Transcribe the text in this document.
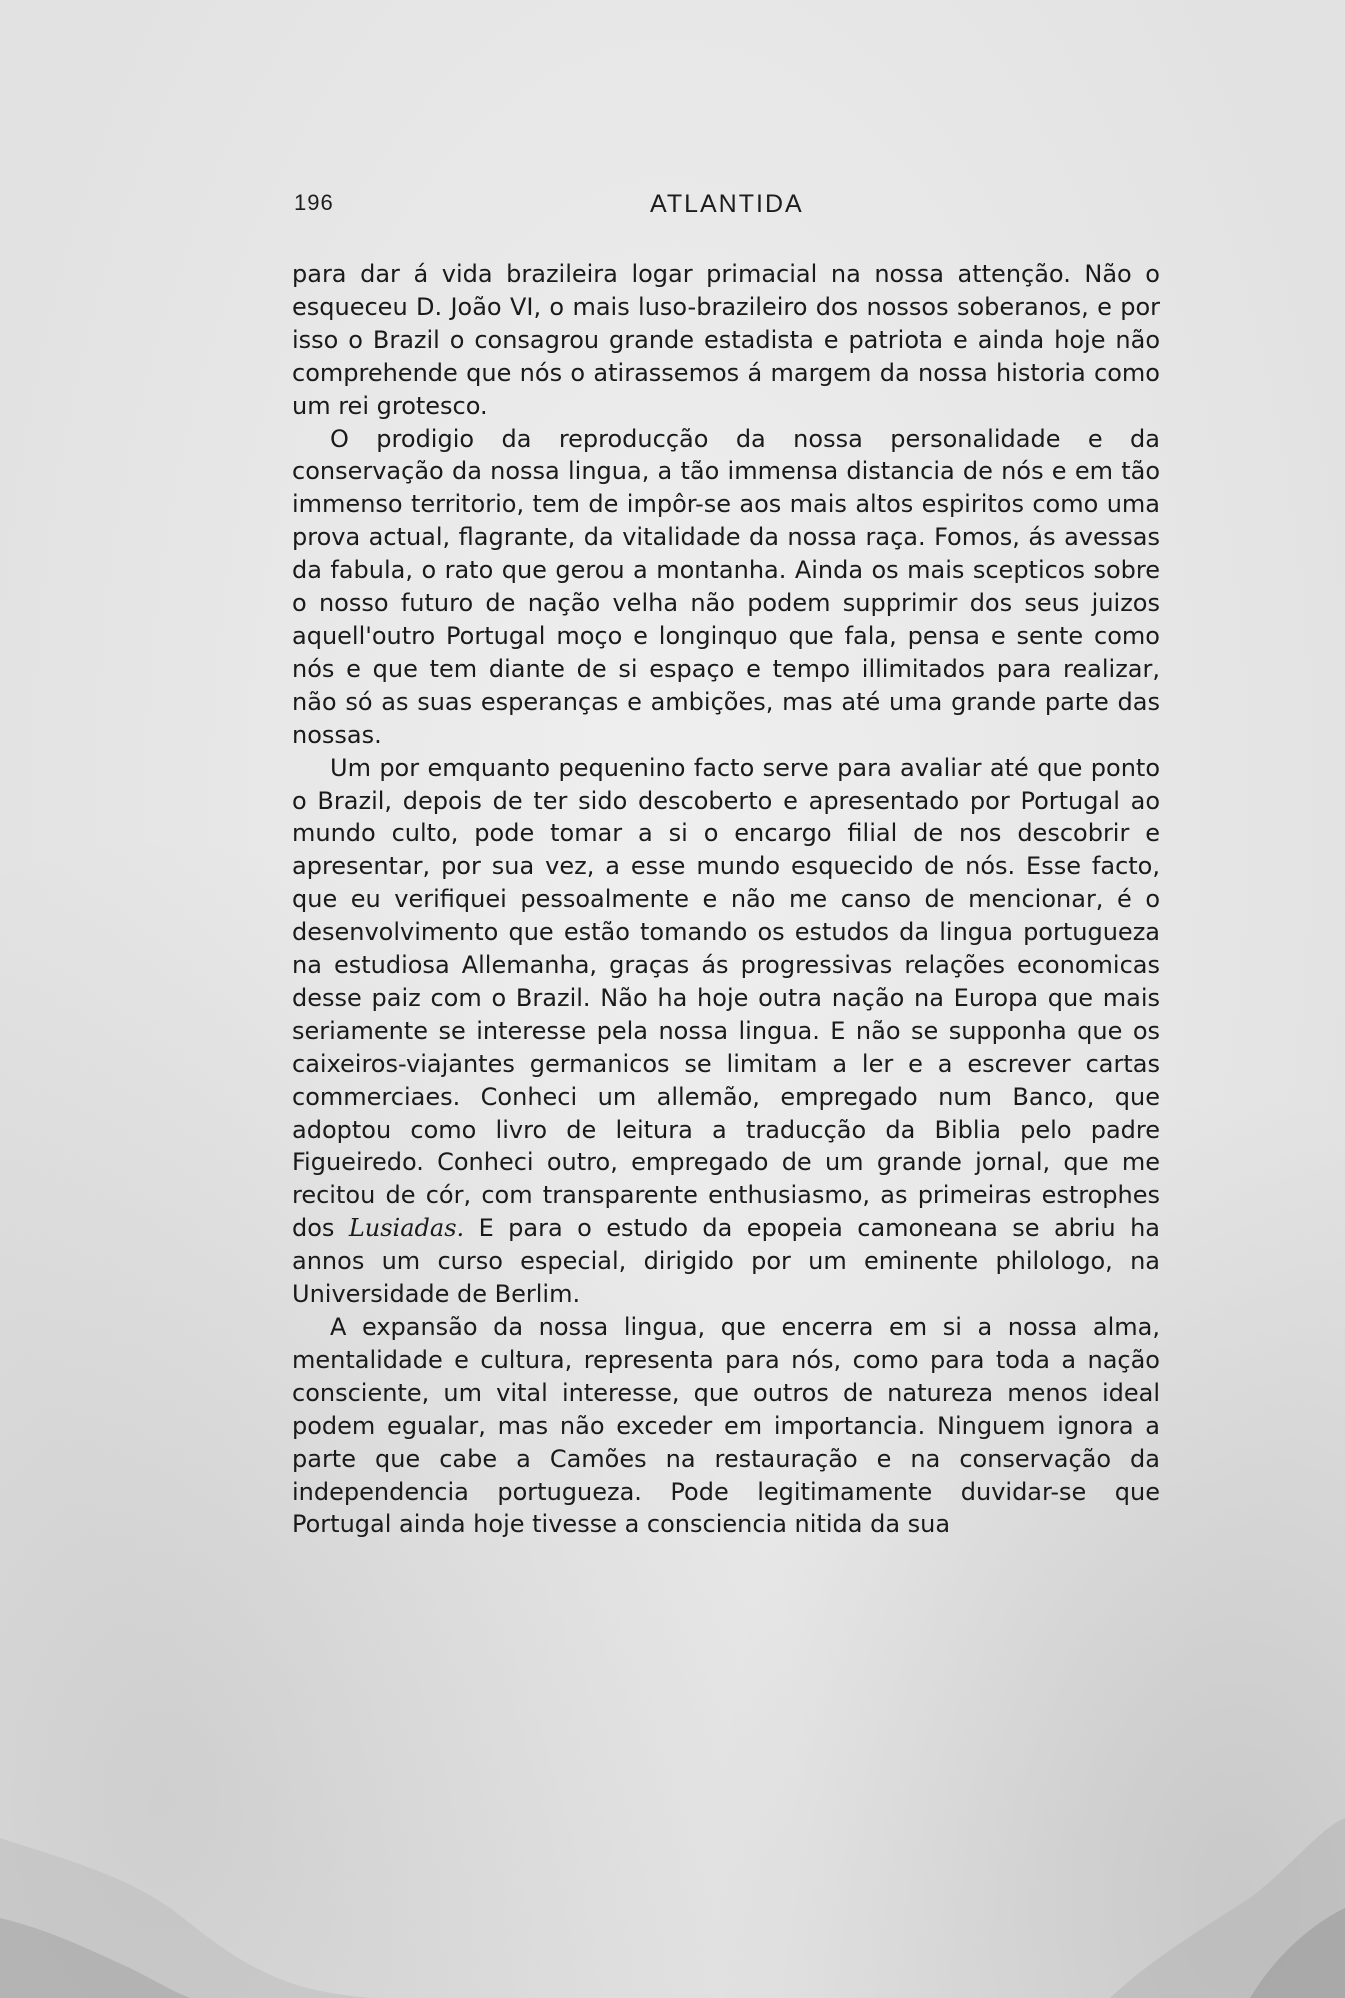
196	ATLANTIDA

para dar á vida brazileira logar primacial na nossa attenção. Não o esqueceu D. João VI, o mais luso-brazileiro dos nossos soberanos, e por isso o Brazil o consagrou grande estadista e patriota e ainda hoje não comprehende que nós o atirassemos á margem da nossa historia como um rei grotesco.

O prodigio da reproducção da nossa personalidade e da conservação da nossa lingua, a tão immensa distancia de nós e em tão immenso territorio, tem de impôr-se aos mais altos espiritos como uma prova actual, flagrante, da vitalidade da nossa raça. Fomos, ás avessas da fabula, o rato que gerou a montanha. Ainda os mais scepticos sobre o nosso futuro de nação velha não podem supprimir dos seus juizos aquell'outro Portugal moço e longinquo que fala, pensa e sente como nós e que tem diante de si espaço e tempo illimitados para realizar, não só as suas esperanças e ambições, mas até uma grande parte das nossas.

Um por emquanto pequenino facto serve para avaliar até que ponto o Brazil, depois de ter sido descoberto e apresentado por Portugal ao mundo culto, pode tomar a si o encargo filial de nos descobrir e apresentar, por sua vez, a esse mundo esquecido de nós. Esse facto, que eu verifiquei pessoalmente e não me canso de mencionar, é o desenvolvimento que estão tomando os estudos da lingua portugueza na estudiosa Allemanha, graças ás progressivas relações economicas desse paiz com o Brazil. Não ha hoje outra nação na Europa que mais seriamente se interesse pela nossa lingua. E não se supponha que os caixeiros-viajantes germanicos se limitam a ler e a escrever cartas commerciaes. Conheci um allemão, empregado num Banco, que adoptou como livro de leitura a traducção da Biblia pelo padre Figueiredo. Conheci outro, empregado de um grande jornal, que me recitou de cór, com transparente enthusiasmo, as primeiras estrophes dos Lusiadas. E para o estudo da epopeia camoneana se abriu ha annos um curso especial, dirigido por um eminente philologo, na Universidade de Berlim.

A expansão da nossa lingua, que encerra em si a nossa alma, mentalidade e cultura, representa para nós, como para toda a nação consciente, um vital interesse, que outros de natureza menos ideal podem egualar, mas não exceder em importancia. Ninguem ignora a parte que cabe a Camões na restauração e na conservação da independencia portugueza. Pode legitimamente duvidar-se que Portugal ainda hoje tivesse a consciencia nitida da sua
